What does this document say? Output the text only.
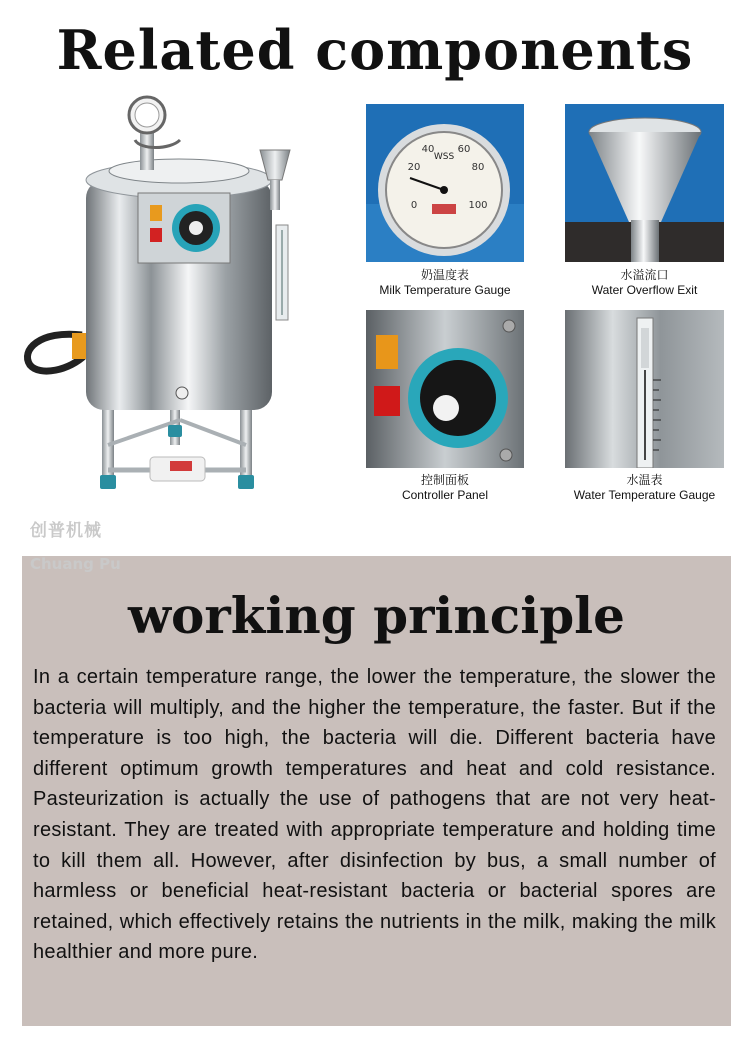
Related components
WSS
20
40 60
80
100
0
奶温度表
Milk Temperature Gauge
水溢流口
Water Overflow Exit
控制面板
Controller Panel
水温表
Water Temperature Gauge
创普机械
working principle
In a certain temperature range, the lower the temperature, the slower the bacteria will multiply, and the higher the temperature, the faster. But if the temperature is too high, the bacteria will die. Different bacteria have different optimum growth temperatures and heat and cold resistance. Pasteurization is actually the use of pathogens that are not very heat-resistant. They are treated with appropriate temperature and holding time to kill them all. However, after disinfection by bus, a small number of harmless or beneficial heat-resistant bacteria or bacterial spores are retained, which effectively retains the nutrients in the milk, making the milk healthier and more pure.
Chuang Pu
